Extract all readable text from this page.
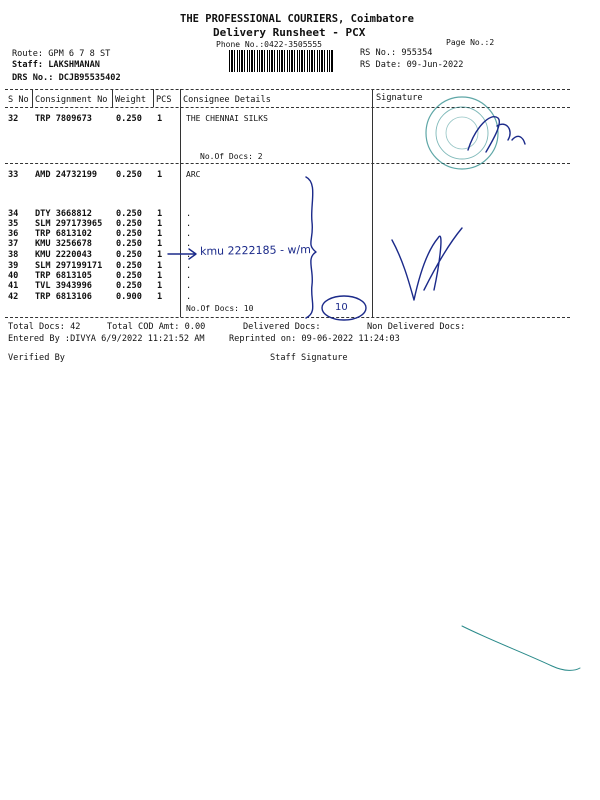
THE PROFESSIONAL COURIERS, Coimbatore
Delivery Runsheet - PCX
Phone No.:0422-3505555	Page No.:2
Route: GPM 6 7 8 ST
Staff: LAKSHMANAN
DRS No.: DCJB95535402
RS No.: 955354
RS Date: 09-Jun-2022
S No Consignment No Weight PCS Consignee Details	Signature
32 TRP 7809673	0.250 1	THE CHENNAI SILKS
No.Of Docs: 2
33 AMD 24732199 0.250 1	ARC
34 DTY 3668812	0.250 1	.
35 SLM 297173965 0.250 1	.
36 TRP 6813102	0.250 1	.
37 KMU 3256678	0.250 1	.
38 KMU 2220043	0.250 1	.
39 SLM 297199171 0.250 1	.
40 TRP 6813105	0.250 1	.
41 TVL 3943996	0.250 1	.
42 TRP 6813106	0.900 1	.
No.Of Docs: 10
Total Docs: 42	Total COD Amt: 0.00	Delivered Docs:	Non Delivered Docs:
Entered By :DIVYA 6/9/2022 11:21:52 AM	Reprinted on: 09-06-2022 11:24:03
Verified By	Staff Signature
kmu 2222185 - w/m
10
